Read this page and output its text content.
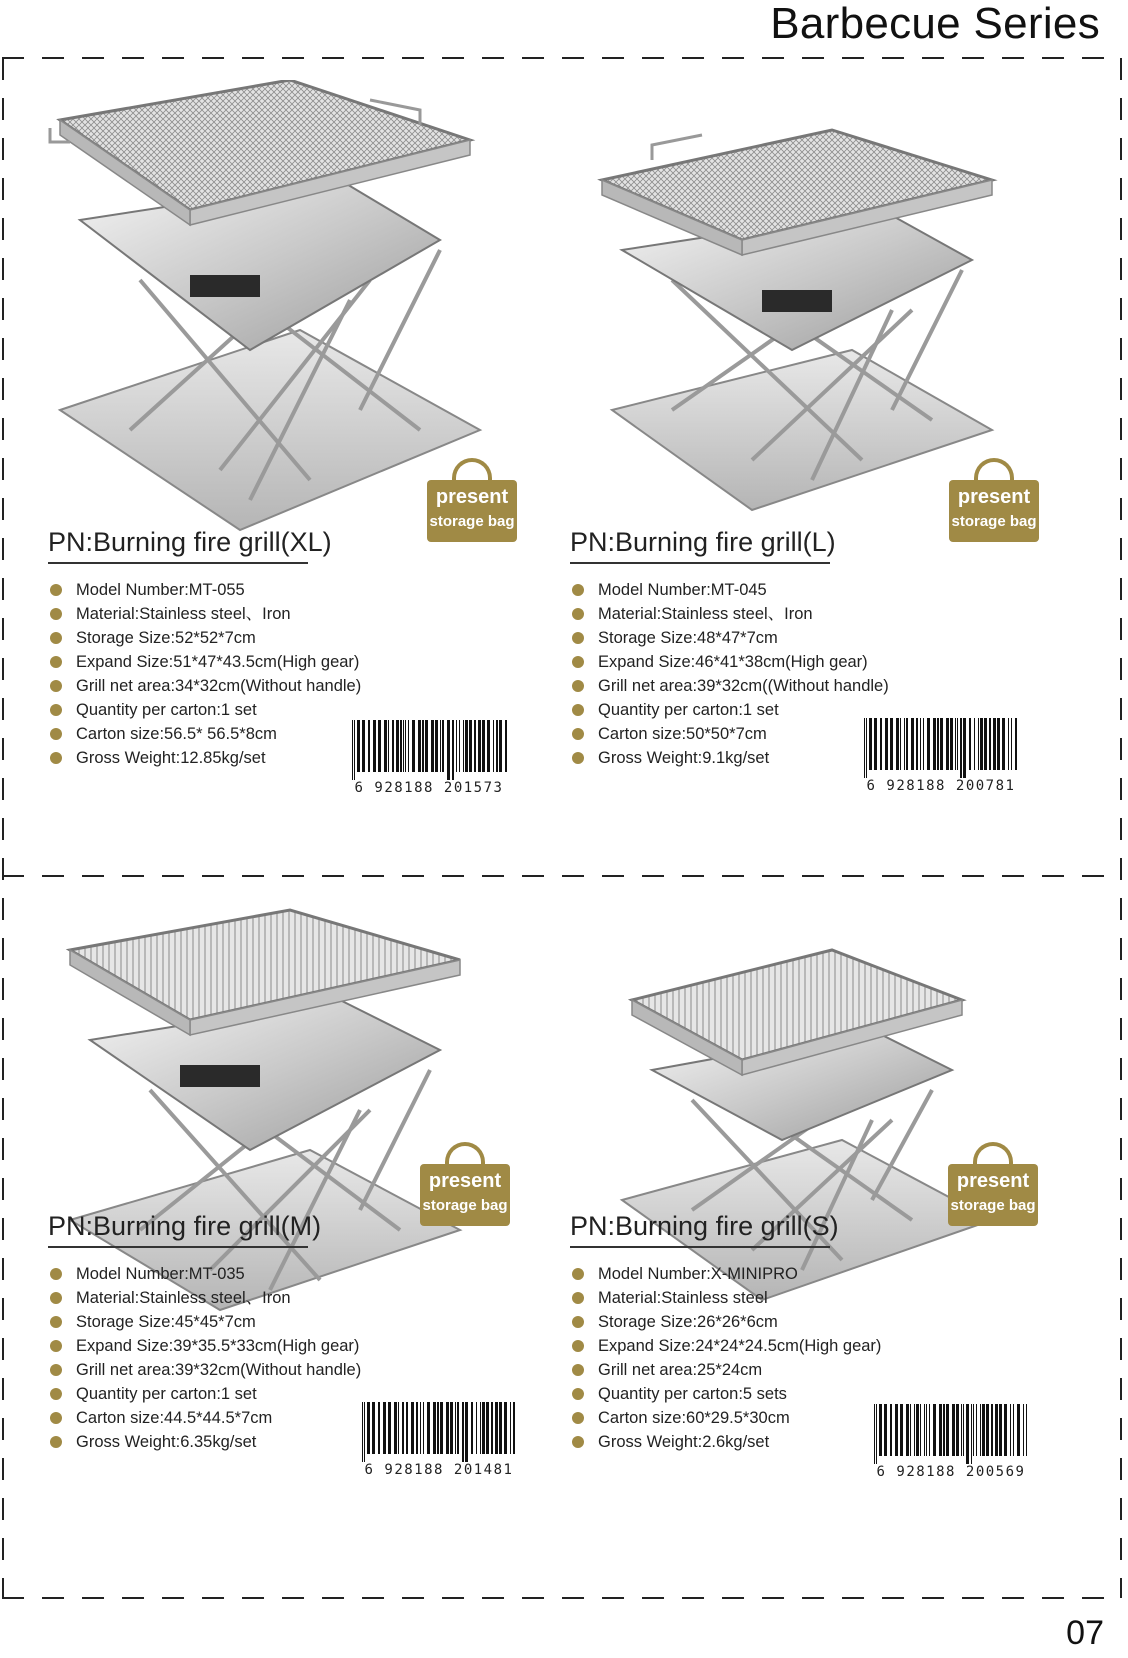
Barbecue Series
present
storage bag
PN:Burning fire grill(XL)
Model Number:MT-055
Material:Stainless steel、Iron
Storage Size:52*52*7cm
Expand Size:51*47*43.5cm(High gear)
Grill net area:34*32cm(Without handle)
Quantity per carton:1 set
Carton size:56.5* 56.5*8cm
Gross Weight:12.85kg/set
6 928188 201573
present
storage bag
PN:Burning fire grill(L)
Model Number:MT-045
Material:Stainless steel、Iron
Storage Size:48*47*7cm
Expand Size:46*41*38cm(High gear)
Grill net area:39*32cm((Without handle)
Quantity per carton:1 set
Carton size:50*50*7cm
Gross Weight:9.1kg/set
6 928188 200781
present
storage bag
PN:Burning fire grill(M)
Model Number:MT-035
Material:Stainless steel、Iron
Storage Size:45*45*7cm
Expand Size:39*35.5*33cm(High gear)
Grill net area:39*32cm(Without handle)
Quantity per carton:1 set
Carton size:44.5*44.5*7cm
Gross Weight:6.35kg/set
6 928188 201481
present
storage bag
PN:Burning fire grill(S)
Model Number:X-MINIPRO
Material:Stainless steel
Storage Size:26*26*6cm
Expand Size:24*24*24.5cm(High gear)
Grill net area:25*24cm
Quantity per carton:5 sets
Carton size:60*29.5*30cm
Gross Weight:2.6kg/set
6 928188 200569
07
